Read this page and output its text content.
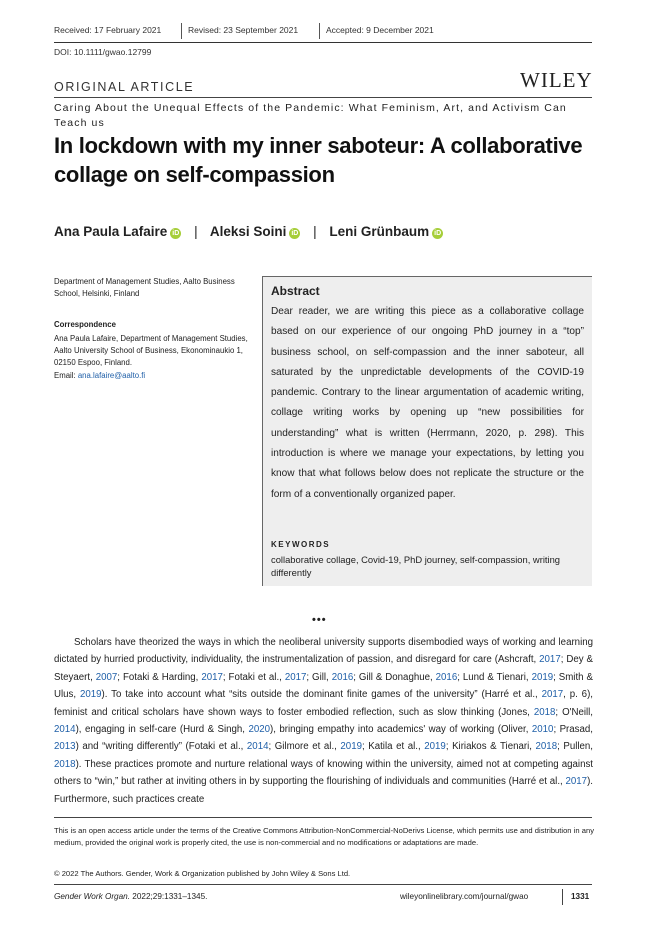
Received: 17 February 2021	Revised: 23 September 2021	Accepted: 9 December 2021
DOI: 10.1111/gwao.12799
ORIGINAL ARTICLE	WILEY
Caring About the Unequal Effects of the Pandemic: What Feminism, Art, and Activism Can Teach us
In lockdown with my inner saboteur: A collaborative collage on self-compassion
Ana Paula Lafaire iD | Aleksi Soini iD | Leni Grünbaum iD
Department of Management Studies, Aalto Business School, Helsinki, Finland
Correspondence
Ana Paula Lafaire, Department of Management Studies, Aalto University School of Business, Ekonominaukio 1, 02150 Espoo, Finland.
Email: ana.lafaire@aalto.fi
Abstract
Dear reader, we are writing this piece as a collaborative collage based on our experience of our ongoing PhD journey in a “top” business school, on self-compassion and the inner saboteur, all saturated by the unpredictable developments of the COVID-19 pandemic. Contrary to the linear argumentation of academic writing, collage writing works by opening up “new possibilities for understanding” what is written (Herrmann, 2020, p. 298). This introduction is where we manage your expectations, by letting you know that what follows below does not replicate the structure or the form of a conventionally organized paper.
KEYWORDS
collaborative collage, Covid-19, PhD journey, self-compassion, writing differently
•••
Scholars have theorized the ways in which the neoliberal university supports disembodied ways of working and learning dictated by hurried productivity, individuality, the instrumentalization of passion, and disregard for care (Ashcraft, 2017; Dey & Steyaert, 2007; Fotaki & Harding, 2017; Fotaki et al., 2017; Gill, 2016; Gill & Donaghue, 2016; Lund & Tienari, 2019; Smith & Ulus, 2019). To take into account what “sits outside the dominant finite games of the university” (Harré et al., 2017, p. 6), feminist and critical scholars have shown ways to foster embodied reflection, such as slow thinking (Jones, 2018; O'Neill, 2014), engaging in self-care (Hurd & Singh, 2020), bringing empathy into academics' way of working (Oliver, 2010; Prasad, 2013) and “writing differently” (Fotaki et al., 2014; Gilmore et al., 2019; Katila et al., 2019; Kiriakos & Tienari, 2018; Pullen, 2018). These practices promote and nurture relational ways of knowing within the university, aimed not at competing against others to “win,” but rather at inviting others in by supporting the flourishing of individuals and communities (Harré et al., 2017). Furthermore, such practices create
This is an open access article under the terms of the Creative Commons Attribution-NonCommercial-NoDerivs License, which permits use and distribution in any medium, provided the original work is properly cited, the use is non-commercial and no modifications or adaptations are made.
© 2022 The Authors. Gender, Work & Organization published by John Wiley & Sons Ltd.
Gender Work Organ. 2022;29:1331–1345.	wileyonlinelibrary.com/journal/gwao	1331
